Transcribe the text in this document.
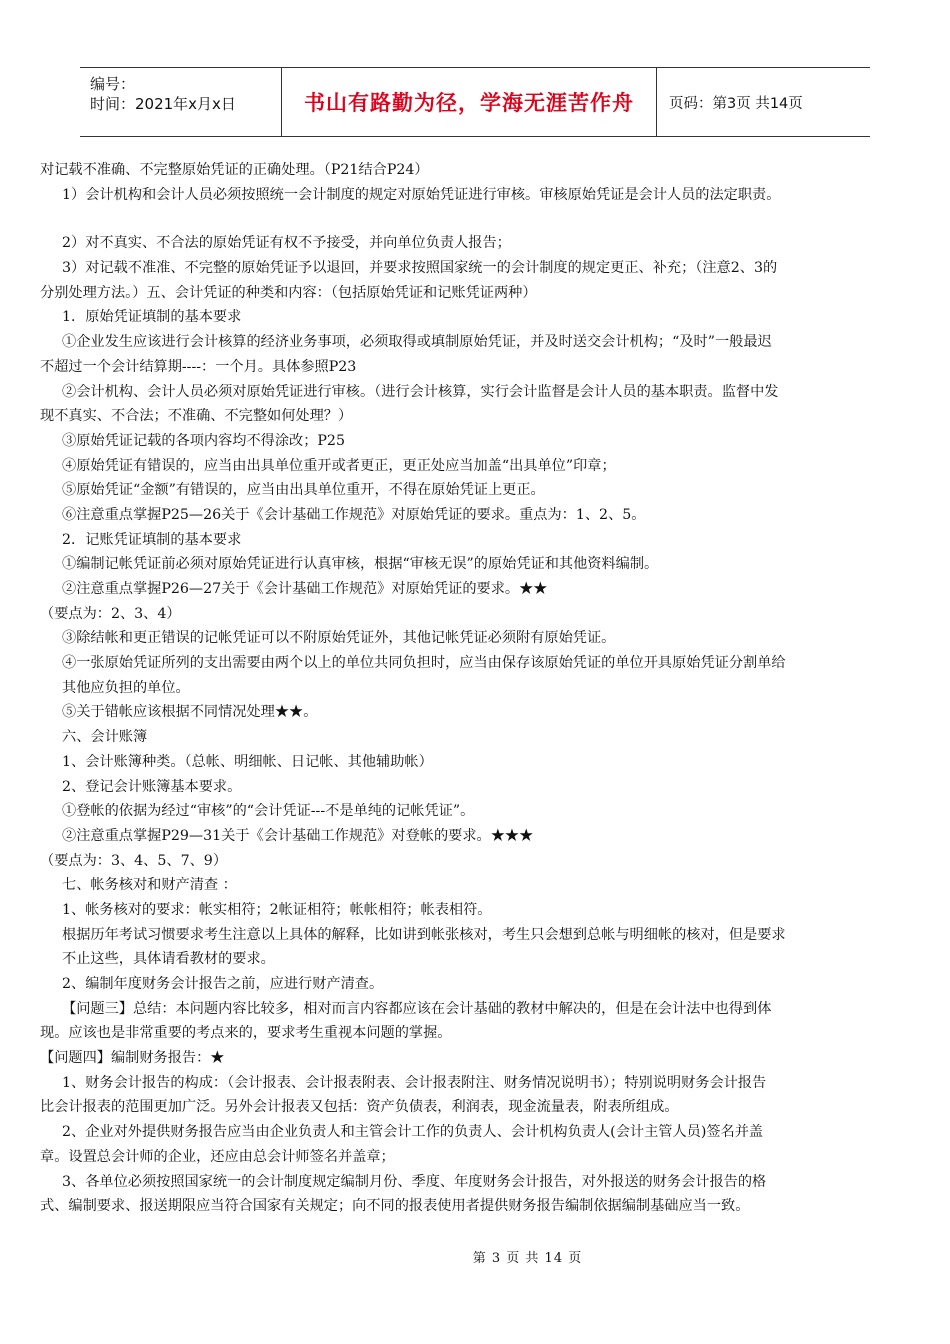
编号：
时间：2021年x月x日	书山有路勤为径，学海无涯苦作舟	页码：第3页 共14页
对记载不准确、不完整原始凭证的正确处理。（P21结合P24）
1）会计机构和会计人员必须按照统一会计制度的规定对原始凭证进行审核。审核原始凭证是会计人员的法定职责。
2）对不真实、不合法的原始凭证有权不予接受，并向单位负责人报告；
3）对记载不准准、不完整的原始凭证予以退回，并要求按照国家统一的会计制度的规定更正、补充；（注意2、3的
分别处理方法。）五、会计凭证的种类和内容：（包括原始凭证和记账凭证两种）
1．原始凭证填制的基本要求
①企业发生应该进行会计核算的经济业务事项，必须取得或填制原始凭证，并及时送交会计机构；“及时”一般最迟
不超过一个会计结算期----：一个月。具体参照P23
②会计机构、会计人员必须对原始凭证进行审核。（进行会计核算，实行会计监督是会计人员的基本职责。监督中发
现不真实、不合法；不准确、不完整如何处理？）
③原始凭证记载的各项内容均不得涂改；P25
④原始凭证有错误的，应当由出具单位重开或者更正，更正处应当加盖“出具单位”印章；
⑤原始凭证“金额”有错误的，应当由出具单位重开，不得在原始凭证上更正。
⑥注意重点掌握P25—26关于《会计基础工作规范》对原始凭证的要求。重点为：1、2、5。
2．记账凭证填制的基本要求
①编制记帐凭证前必须对原始凭证进行认真审核，根据“审核无误”的原始凭证和其他资料编制。
②注意重点掌握P26—27关于《会计基础工作规范》对原始凭证的要求。★★
（要点为：2、3、4）
③除结帐和更正错误的记帐凭证可以不附原始凭证外，其他记帐凭证必须附有原始凭证。
④一张原始凭证所列的支出需要由两个以上的单位共同负担时，应当由保存该原始凭证的单位开具原始凭证分割单给
其他应负担的单位。
⑤关于错帐应该根据不同情况处理★★。
六、会计账簿
1、会计账簿种类。（总帐、明细帐、日记帐、其他辅助帐）
2、登记会计账簿基本要求。
①登帐的依据为经过“审核”的“会计凭证---不是单纯的记帐凭证”。
②注意重点掌握P29—31关于《会计基础工作规范》对登帐的要求。★★★
（要点为：3、4、5、7、9）
七、帐务核对和财产清查 ：
1、帐务核对的要求：帐实相符；2帐证相符；帐帐相符；帐表相符。
根据历年考试习惯要求考生注意以上具体的解释，比如讲到帐张核对，考生只会想到总帐与明细帐的核对，但是要求
不止这些，具体请看教材的要求。
2、编制年度财务会计报告之前，应进行财产清查。
【问题三】总结：本问题内容比较多，相对而言内容都应该在会计基础的教材中解决的，但是在会计法中也得到体
现。应该也是非常重要的考点来的，要求考生重视本问题的掌握。
【问题四】编制财务报告：★
1、财务会计报告的构成：（会计报表、会计报表附表、会计报表附注、财务情况说明书）；特别说明财务会计报告
比会计报表的范围更加广泛。另外会计报表又包括：资产负债表，利润表，现金流量表，附表所组成。
2、企业对外提供财务报告应当由企业负责人和主管会计工作的负责人、会计机构负责人(会计主管人员)签名并盖
章。设置总会计师的企业，还应由总会计师签名并盖章；
3、各单位必须按照国家统一的会计制度规定编制月份、季度、年度财务会计报告，对外报送的财务会计报告的格
式、编制要求、报送期限应当符合国家有关规定；向不同的报表使用者提供财务报告编制依据编制基础应当一致。
第 3 页 共 14 页
